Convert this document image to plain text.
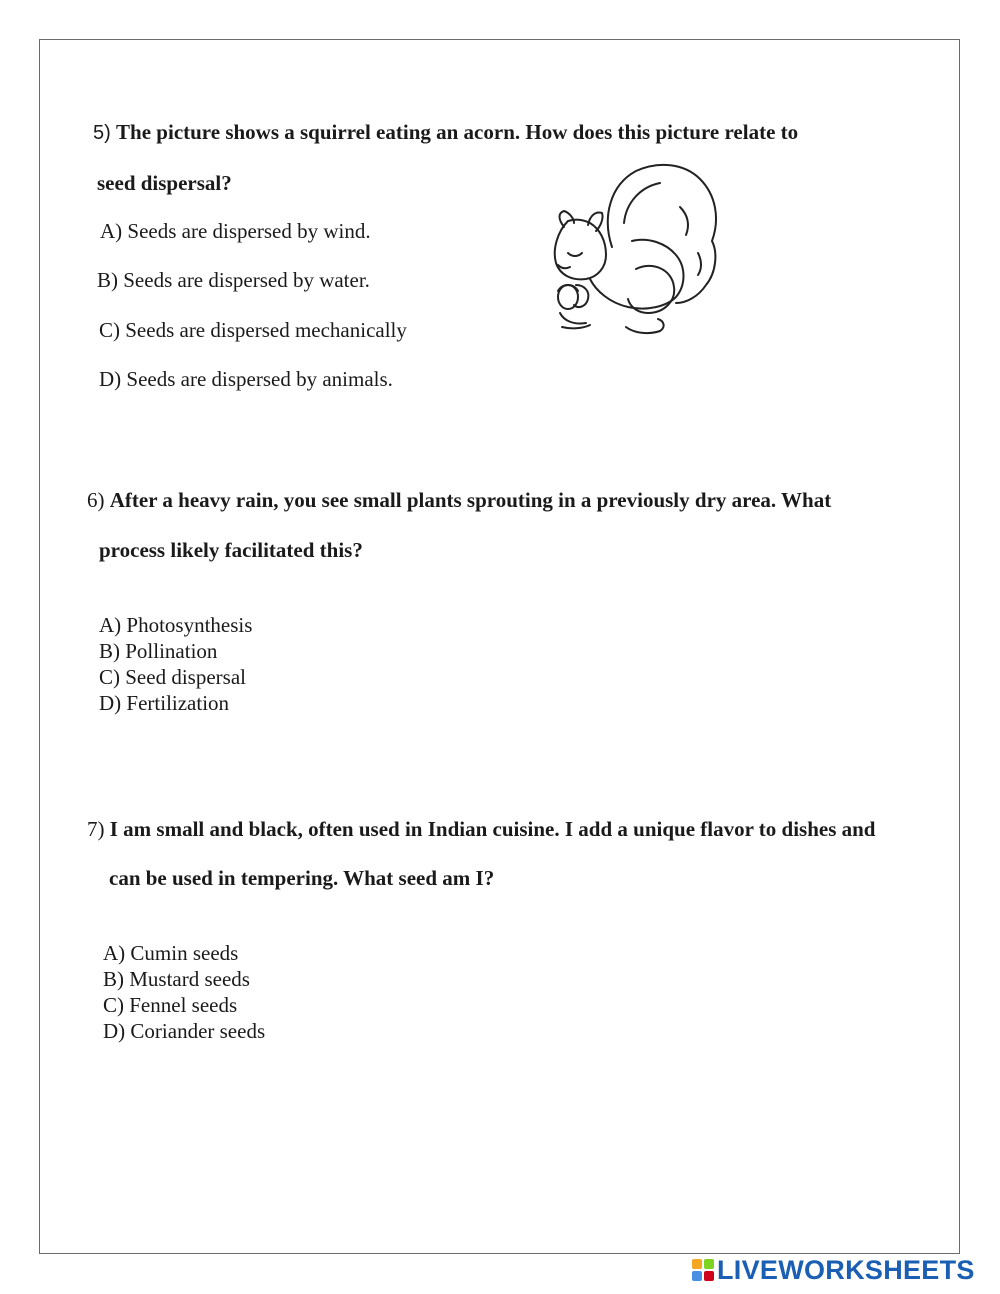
5) The picture shows a squirrel eating an acorn. How does this picture relate to
seed dispersal?
A) Seeds are dispersed by wind.
B) Seeds are dispersed by water.
C) Seeds are dispersed mechanically
D) Seeds are dispersed by animals.
6) After a heavy rain, you see small plants sprouting in a previously dry area. What
process likely facilitated this?
A) Photosynthesis
B) Pollination
C) Seed dispersal
D) Fertilization
7) I am small and black, often used in Indian cuisine. I add a unique flavor to dishes and
can be used in tempering. What seed am I?
A) Cumin seeds
B) Mustard seeds
C) Fennel seeds
D) Coriander seeds
LIVEWORKSHEETS
